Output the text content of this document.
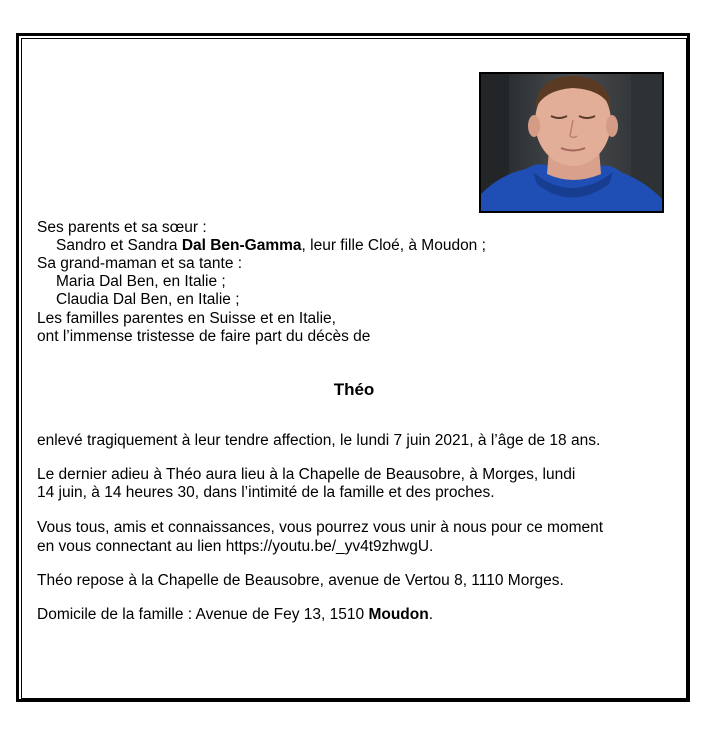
Ses parents et sa sœur :
Sandro et Sandra Dal Ben-Gamma, leur fille Cloé, à Moudon ;
Sa grand-maman et sa tante :
Maria Dal Ben, en Italie ;
Claudia Dal Ben, en Italie ;
Les familles parentes en Suisse et en Italie,
ont l’immense tristesse de faire part du décès de
Théo
enlevé tragiquement à leur tendre affection, le lundi 7 juin 2021, à l’âge de 18 ans.
Le dernier adieu à Théo aura lieu à la Chapelle de Beausobre, à Morges, lundi
14 juin, à 14 heures 30, dans l’intimité de la famille et des proches.
Vous tous, amis et connaissances, vous pourrez vous unir à nous pour ce moment
en vous connectant au lien https://youtu.be/_yv4t9zhwgU.
Théo repose à la Chapelle de Beausobre, avenue de Vertou 8, 1110 Morges.
Domicile de la famille : Avenue de Fey 13, 1510 Moudon.
